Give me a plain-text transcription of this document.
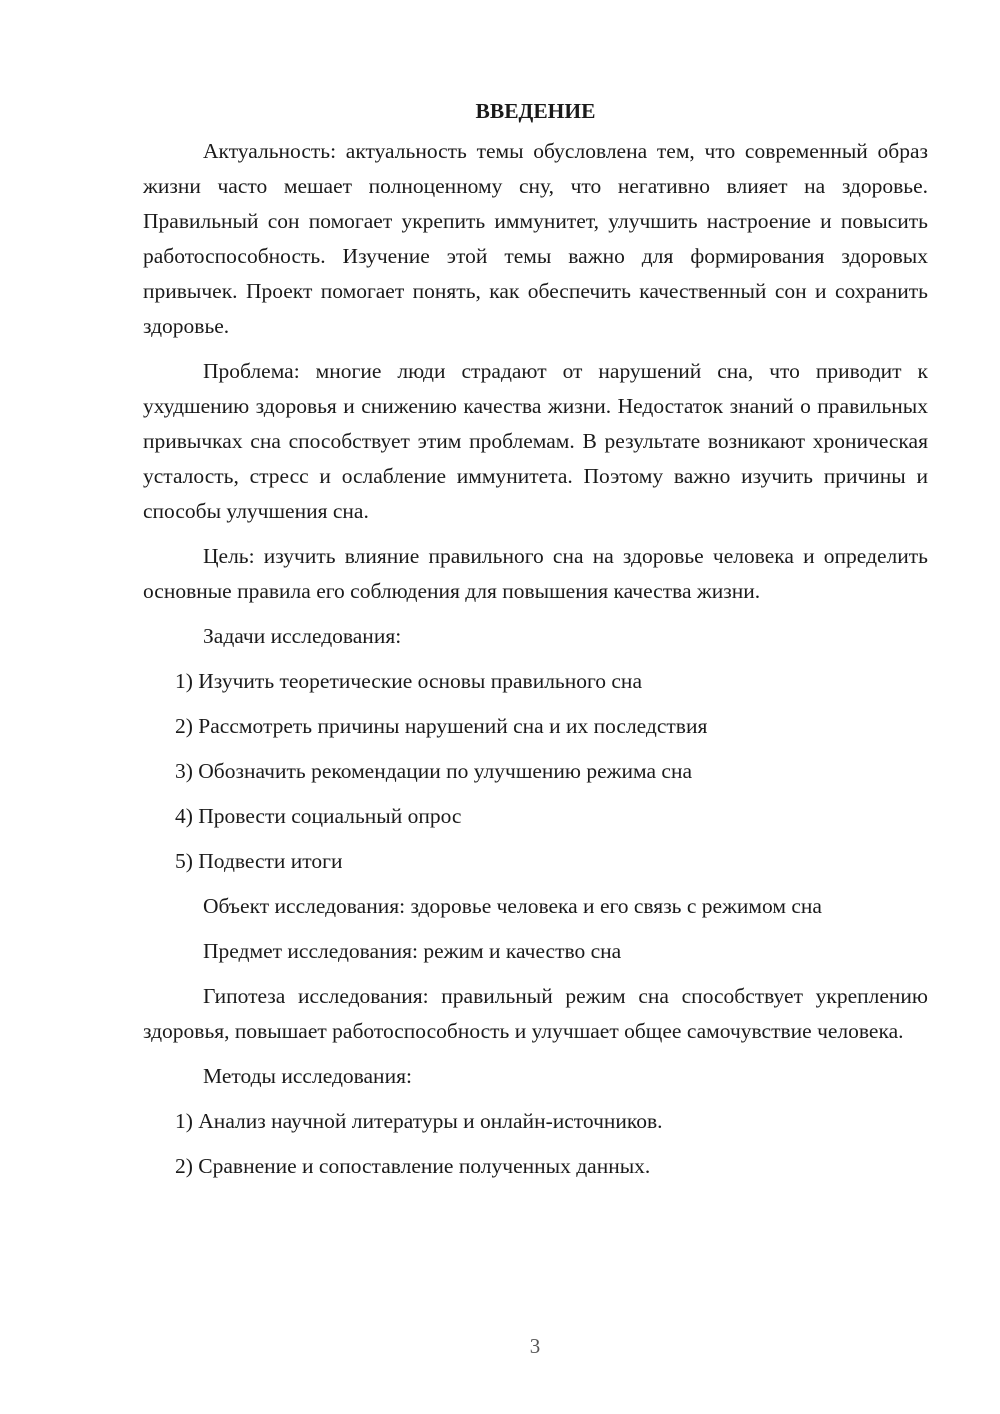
ВВЕДЕНИЕ

Актуальность: актуальность темы обусловлена тем, что современный образ жизни часто мешает полноценному сну, что негативно влияет на здоровье. Правильный сон помогает укрепить иммунитет, улучшить настроение и повысить работоспособность. Изучение этой темы важно для формирования здоровых привычек. Проект помогает понять, как обеспечить качественный сон и сохранить здоровье.

Проблема: многие люди страдают от нарушений сна, что приводит к ухудшению здоровья и снижению качества жизни. Недостаток знаний о правильных привычках сна способствует этим проблемам. В результате возникают хроническая усталость, стресс и ослабление иммунитета. Поэтому важно изучить причины и способы улучшения сна.

Цель: изучить влияние правильного сна на здоровье человека и определить основные правила его соблюдения для повышения качества жизни.

Задачи исследования:

1) Изучить теоретические основы правильного сна

2) Рассмотреть причины нарушений сна и их последствия

3) Обозначить рекомендации по улучшению режима сна

4) Провести социальный опрос

5) Подвести итоги

Объект исследования: здоровье человека и его связь с режимом сна

Предмет исследования: режим и качество сна

Гипотеза исследования: правильный режим сна способствует укреплению здоровья, повышает работоспособность и улучшает общее самочувствие человека.

Методы исследования:

1) Анализ научной литературы и онлайн-источников.

2) Сравнение и сопоставление полученных данных.

3
